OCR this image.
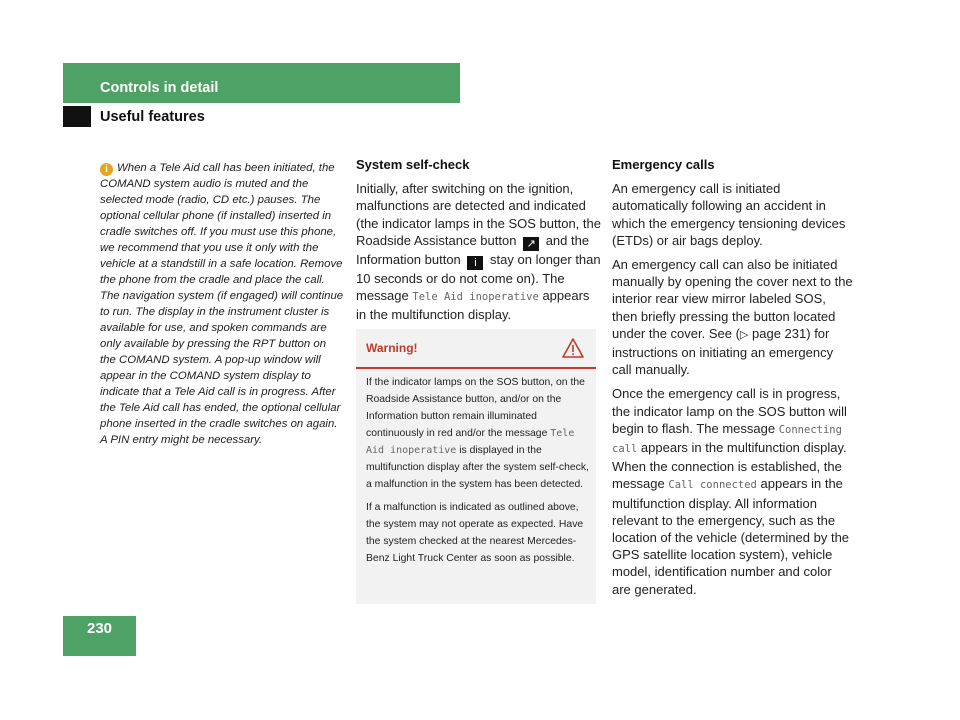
Controls in detail
Useful features
230
i When a Tele Aid call has been initiated, the COMAND system audio is muted and the selected mode (radio, CD etc.) pauses. The optional cellular phone (if installed) inserted in cradle switches off. If you must use this phone, we recommend that you use it only with the vehicle at a standstill in a safe location. Remove the phone from the cradle and place the call. The navigation system (if engaged) will continue to run. The display in the instrument cluster is available for use, and spoken commands are only available by pressing the RPT button on the COMAND system. A pop-up window will appear in the COMAND system display to indicate that a Tele Aid call is in progress. After the Tele Aid call has ended, the optional cellular phone inserted in the cradle switches on again. A PIN entry might be necessary.
System self-check

Initially, after switching on the ignition, malfunctions are detected and indicated (the indicator lamps in the SOS button, the Roadside Assistance button ↗ and the Information button i stay on longer than 10 seconds or do not come on). The message Tele Aid inoperative appears in the multifunction display.

Warning!

If the indicator lamps on the SOS button, on the Roadside Assistance button, and/or on the Information button remain illuminated continuously in red and/or the message Tele Aid inoperative is displayed in the multifunction display after the system self-check, a malfunction in the system has been detected.

If a malfunction is indicated as outlined above, the system may not operate as expected. Have the system checked at the nearest Mercedes-Benz Light Truck Center as soon as possible.

Emergency calls

An emergency call is initiated automatically following an accident in which the emergency tensioning devices (ETDs) or air bags deploy.

An emergency call can also be initiated manually by opening the cover next to the interior rear view mirror labeled SOS, then briefly pressing the button located under the cover. See (▷ page 231) for instructions on initiating an emergency call manually.

Once the emergency call is in progress, the indicator lamp on the SOS button will begin to flash. The message Connecting call appears in the multifunction display. When the connection is established, the message Call connected appears in the multifunction display. All information relevant to the emergency, such as the location of the vehicle (determined by the GPS satellite location system), vehicle model, identification number and color are generated.
